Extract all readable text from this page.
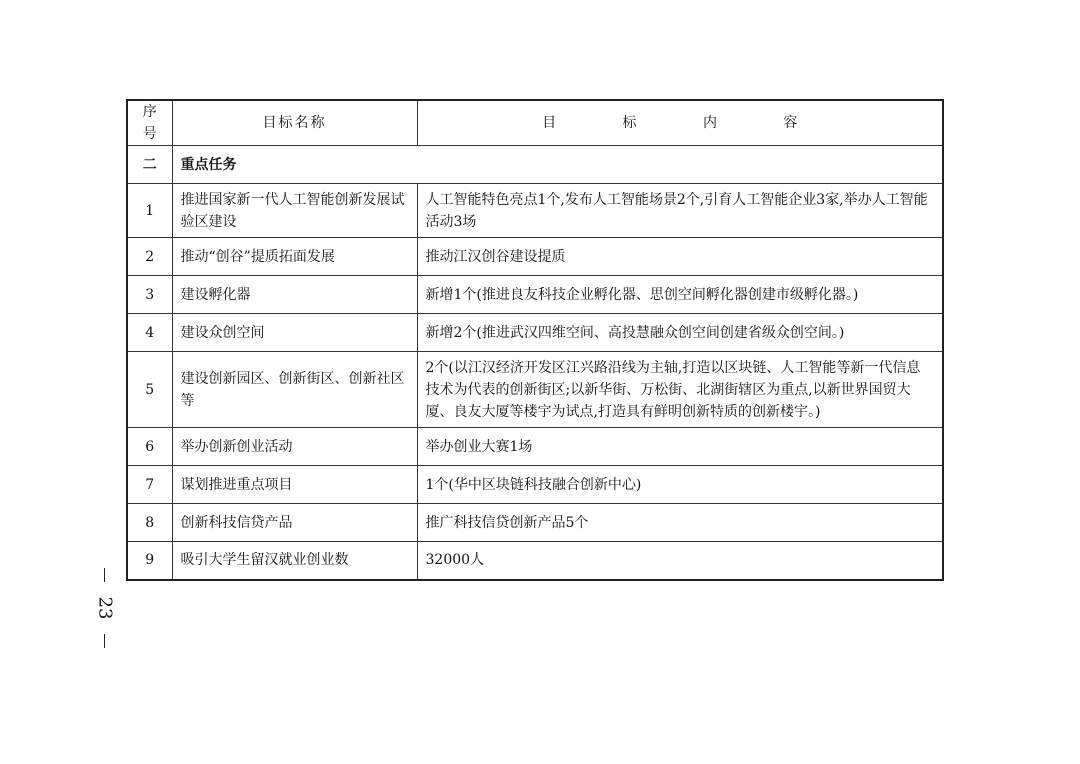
序号	目标名称	目 标 内 容
二	重点任务	
1	推进国家新一代人工智能创新发展试验区建设	人工智能特色亮点1个,发布人工智能场景2个,引育人工智能企业3家,举办人工智能活动3场
2	推动“创谷”提质拓面发展	推动江汉创谷建设提质
3	建设孵化器	新增1个(推进良友科技企业孵化器、思创空间孵化器创建市级孵化器。)
4	建设众创空间	新增2个(推进武汉四维空间、高投慧融众创空间创建省级众创空间。)
5	建设创新园区、创新街区、创新社区等	2个(以江汉经济开发区江兴路沿线为主轴,打造以区块链、人工智能等新一代信息技术为代表的创新街区;以新华街、万松街、北湖街辖区为重点,以新世界国贸大厦、良友大厦等楼宇为试点,打造具有鲜明创新特质的创新楼宇。)
6	举办创新创业活动	举办创业大赛1场
7	谋划推进重点项目	1个(华中区块链科技融合创新中心)
8	创新科技信贷产品	推广科技信贷创新产品5个
9	吸引大学生留汉就业创业数	32000人
23
